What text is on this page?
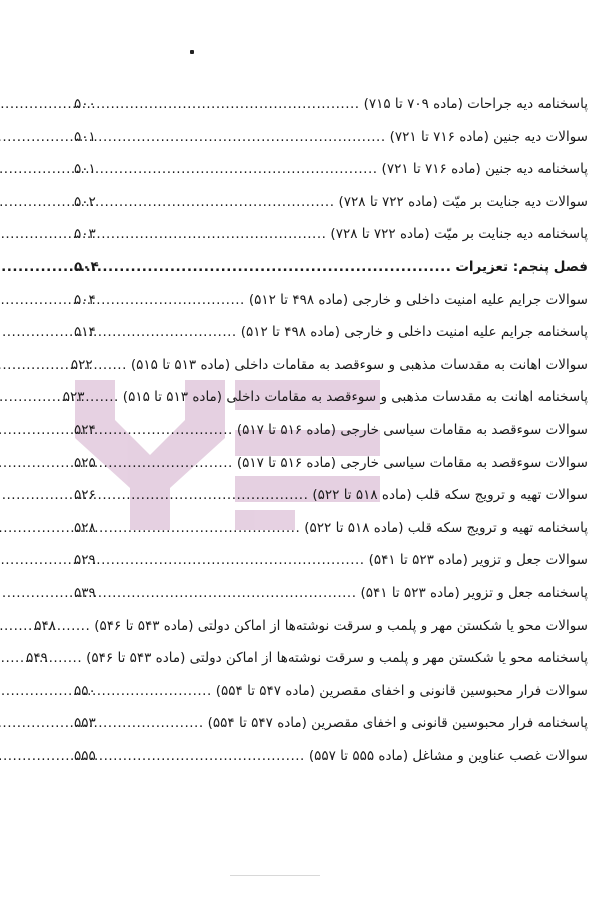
پاسخنامه دیه جراحات (ماده ۷۰۹ تا ۷۱۵)
.....
۵۰۰
سوالات دیه جنین (ماده ۷۱۶ تا ۷۲۱)
.....
۵۰۱
پاسخنامه دیه جنین (ماده ۷۱۶ تا ۷۲۱)
.....
۵۰۱
سوالات دیه جنایت بر میّت (ماده ۷۲۲ تا ۷۲۸)
.....
۵۰۲
پاسخنامه دیه جنایت بر میّت (ماده ۷۲۲ تا ۷۲۸)
.....
۵۰۳
فصل پنجم: تعزیرات
.....
۵۰۴
سوالات جرایم علیه امنیت داخلی و خارجی (ماده ۴۹۸ تا ۵۱۲)
.....
۵۰۴
پاسخنامه جرایم علیه امنیت داخلی و خارجی (ماده ۴۹۸ تا ۵۱۲)
.....
۵۱۴
سوالات اهانت به مقدسات مذهبی و سوءقصد به مقامات داخلی (ماده ۵۱۳ تا ۵۱۵)
.....
۵۲۲
پاسخنامه اهانت به مقدسات مذهبی و سوءقصد به مقامات داخلی (ماده ۵۱۳ تا ۵۱۵)
.....
۵۲۳
سوالات سوءقصد به مقامات سیاسی خارجی (ماده ۵۱۶ تا ۵۱۷)
.....
۵۲۴
سوالات سوءقصد به مقامات سیاسی خارجی (ماده ۵۱۶ تا ۵۱۷)
.....
۵۲۵
سوالات تهیه و ترویج سکه قلب (ماده ۵۱۸ تا ۵۲۲)
.....
۵۲۶
پاسخنامه تهیه و ترویج سکه قلب (ماده ۵۱۸ تا ۵۲۲)
.....
۵۲۸
سوالات جعل و تزویر (ماده ۵۲۳ تا ۵۴۱)
.....
۵۲۹
پاسخنامه جعل و تزویر (ماده ۵۲۳ تا ۵۴۱)
.....
۵۳۹
سوالات محو یا شکستن مهر و پلمب و سرقت نوشته‌ها از اماکن دولتی (ماده ۵۴۳ تا ۵۴۶)
.....
۵۴۸
پاسخنامه محو یا شکستن مهر و پلمب و سرقت نوشته‌ها از اماکن دولتی (ماده ۵۴۳ تا ۵۴۶)
.....
۵۴۹
سوالات فرار محبوسین قانونی و اخفای مقصرین (ماده ۵۴۷ تا ۵۵۴)
.....
۵۵۰
پاسخنامه فرار محبوسین قانونی و اخفای مقصرین (ماده ۵۴۷ تا ۵۵۴)
.....
۵۵۳
سوالات غصب عناوین و مشاغل (ماده ۵۵۵ تا ۵۵۷)
.....
۵۵۵
